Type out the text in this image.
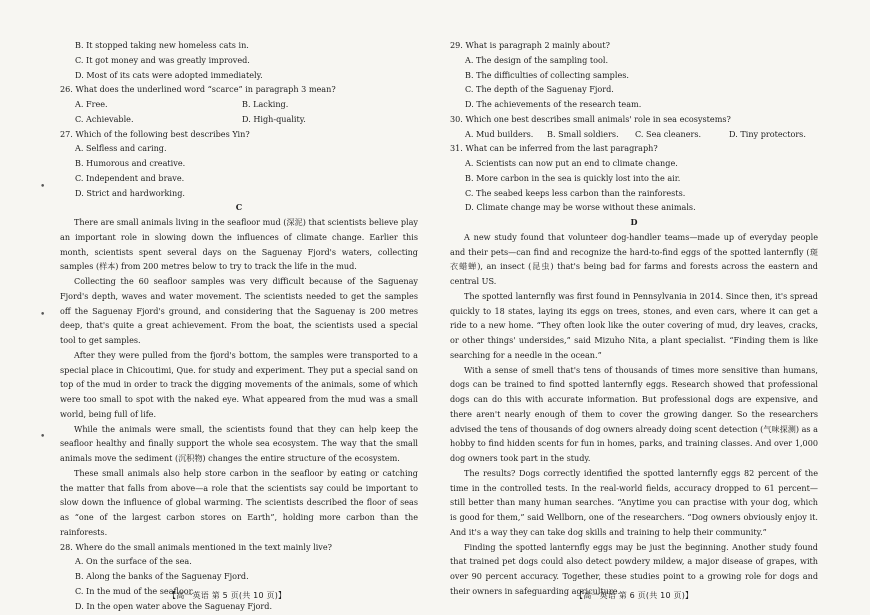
•
•
•
B. It stopped taking new homeless cats in.
C. It got money and was greatly improved.
D. Most of its cats were adopted immediately.
26. What does the underlined word “scarce” in paragraph 3 mean?
A. Free.	B. Lacking.
C. Achievable.	D. High-quality.
27. Which of the following best describes Yin?
A. Selfless and caring.
B. Humorous and creative.
C. Independent and brave.
D. Strict and hardworking.
C

There are small animals living in the seafloor mud (深泥) that scientists believe play an important role in slowing down the influences of climate change. Earlier this month, scientists spent several days on the Saguenay Fjord's waters, collecting samples (样本) from 200 metres below to try to track the life in the mud.

Collecting the 60 seafloor samples was very difficult because of the Saguenay Fjord's depth, waves and water movement. The scientists needed to get the samples off the Saguenay Fjord's ground, and considering that the Saguenay is 200 metres deep, that's quite a great achievement. From the boat, the scientists used a special tool to get samples.

After they were pulled from the fjord's bottom, the samples were transported to a special place in Chicoutimi, Que. for study and experiment. They put a special sand on top of the mud in order to track the digging movements of the animals, some of which were too small to spot with the naked eye. What appeared from the mud was a small world, being full of life.

While the animals were small, the scientists found that they can help keep the seafloor healthy and finally support the whole sea ecosystem. The way that the small animals move the sediment (沉积物) changes the entire structure of the ecosystem.

These small animals also help store carbon in the seafloor by eating or catching the matter that falls from above—a role that the scientists say could be important to slow down the influence of global warming. The scientists described the floor of seas as “one of the largest carbon stores on Earth”, holding more carbon than the rainforests.

28. Where do the small animals mentioned in the text mainly live?
A. On the surface of the sea.
B. Along the banks of the Saguenay Fjord.
C. In the mud of the seafloor.
D. In the open water above the Saguenay Fjord.
【高一英语 第 5 页(共 10 页)】
29. What is paragraph 2 mainly about?
A. The design of the sampling tool.
B. The difficulties of collecting samples.
C. The depth of the Saguenay Fjord.
D. The achievements of the research team.
30. Which one best describes small animals' role in sea ecosystems?
A. Mud builders.	B. Small soldiers.	C. Sea cleaners.	D. Tiny protectors.
31. What can be inferred from the last paragraph?
A. Scientists can now put an end to climate change.
B. More carbon in the sea is quickly lost into the air.
C. The seabed keeps less carbon than the rainforests.
D. Climate change may be worse without these animals.
D

A new study found that volunteer dog-handler teams—made up of everyday people and their pets—can find and recognize the hard-to-find eggs of the spotted lanternfly (斑衣蜡蝉), an insect (昆虫) that's being bad for farms and forests across the eastern and central US.

The spotted lanternfly was first found in Pennsylvania in 2014. Since then, it's spread quickly to 18 states, laying its eggs on trees, stones, and even cars, where it can get a ride to a new home. “They often look like the outer covering of mud, dry leaves, cracks, or other things' undersides,” said Mizuho Nita, a plant specialist. “Finding them is like searching for a needle in the ocean.”

With a sense of smell that's tens of thousands of times more sensitive than humans, dogs can be trained to find spotted lanternfly eggs. Research showed that professional dogs can do this with accurate information. But professional dogs are expensive, and there aren't nearly enough of them to cover the growing danger. So the researchers advised the tens of thousands of dog owners already doing scent detection (气味探测) as a hobby to find hidden scents for fun in homes, parks, and training classes. And over 1,000 dog owners took part in the study.

The results? Dogs correctly identified the spotted lanternfly eggs 82 percent of the time in the controlled tests. In the real-world fields, accuracy dropped to 61 percent—still better than many human searches. “Anytime you can practise with your dog, which is good for them,” said Wellborn, one of the researchers. “Dog owners obviously enjoy it. And it's a way they can take dog skills and training to help their community.”

Finding the spotted lanternfly eggs may be just the beginning. Another study found that trained pet dogs could also detect powdery mildew, a major disease of grapes, with over 90 percent accuracy. Together, these studies point to a growing role for dogs and their owners in safeguarding agriculture.

【高一英语 第 6 页(共 10 页)】
